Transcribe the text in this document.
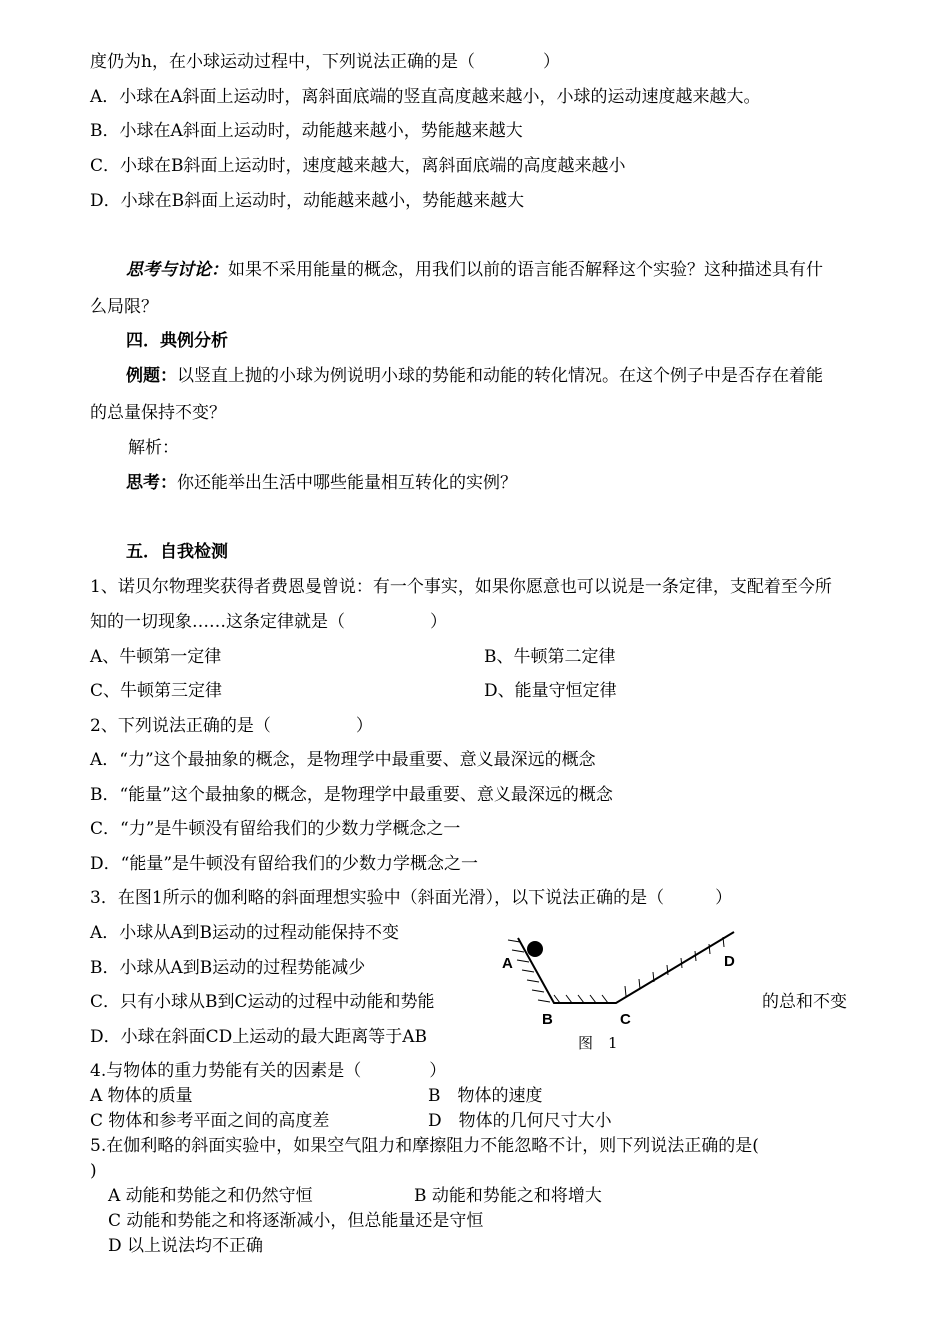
度仍为h，在小球运动过程中，下列说法正确的是（　　　　）
A．小球在A斜面上运动时，离斜面底端的竖直高度越来越小，小球的运动速度越来越大。
B．小球在A斜面上运动时，动能越来越小，势能越来越大
C．小球在B斜面上运动时，速度越来越大，离斜面底端的高度越来越小
D．小球在B斜面上运动时，动能越来越小，势能越来越大
思考与讨论：如果不采用能量的概念，用我们以前的语言能否解释这个实验？这种描述具有什
么局限？
四．典例分析
例题：以竖直上抛的小球为例说明小球的势能和动能的转化情况。在这个例子中是否存在着能
的总量保持不变？
解析：
思考：你还能举出生活中哪些能量相互转化的实例？
五．自我检测
1、诺贝尔物理奖获得者费恩曼曾说：有一个事实，如果你愿意也可以说是一条定律，支配着至今所
知的一切现象……这条定律就是（　　　　　）
A、牛顿第一定律	B、牛顿第二定律
C、牛顿第三定律	D、能量守恒定律
2、下列说法正确的是（　　　　　）
A．“力”这个最抽象的概念，是物理学中最重要、意义最深远的概念
B．“能量”这个最抽象的概念，是物理学中最重要、意义最深远的概念
C．“力”是牛顿没有留给我们的少数力学概念之一
D．“能量”是牛顿没有留给我们的少数力学概念之一
3．在图1所示的伽利略的斜面理想实验中（斜面光滑），以下说法正确的是（　　　）
A．小球从A到B运动的过程动能保持不变
B．小球从A到B运动的过程势能减少
C．只有小球从B到C运动的过程中动能和势能	的总和不变
D．小球在斜面CD上运动的最大距离等于AB
A
B	C
D
图　1
4.与物体的重力势能有关的因素是（　　　　）
A 物体的质量	B　物体的速度
C 物体和参考平面之间的高度差	D　物体的几何尺寸大小
5.在伽利略的斜面实验中，如果空气阻力和摩擦阻力不能忽略不计，则下列说法正确的是(
)
A 动能和势能之和仍然守恒	B 动能和势能之和将增大
C 动能和势能之和将逐渐减小，但总能量还是守恒
D 以上说法均不正确
